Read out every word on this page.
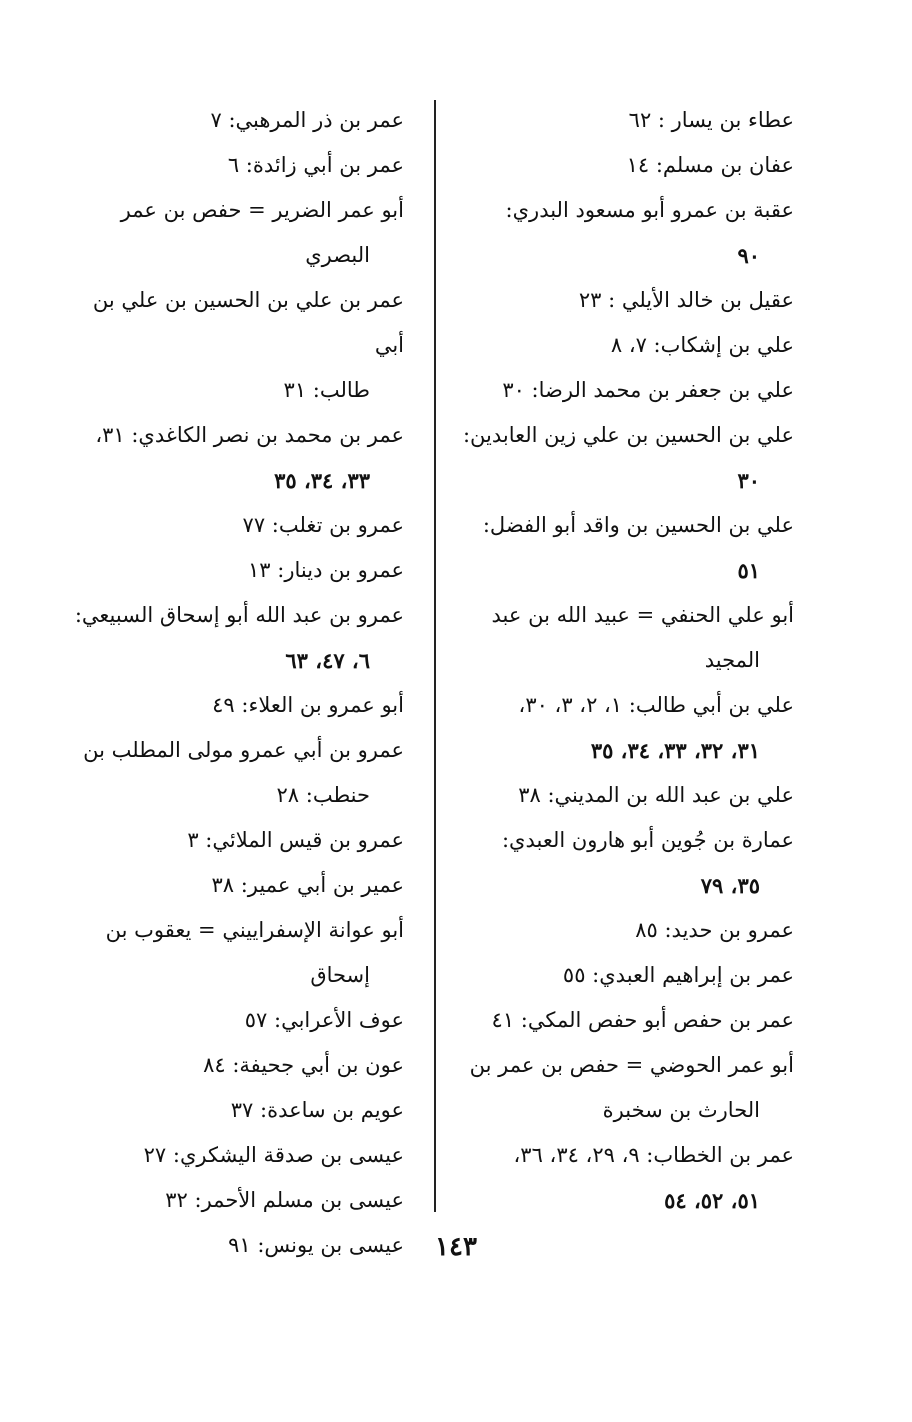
عطاء بن يسار : ٦٢

عفان بن مسلم: ١٤

عقبة بن عمرو أبو مسعود البدري:
٩٠

عقيل بن خالد الأيلي : ٢٣

علي بن إشكاب: ٧، ٨

علي بن جعفر بن محمد الرضا: ٣٠

علي بن الحسين بن علي زين العابدين:
٣٠

علي بن الحسين بن واقد أبو الفضل:
٥١

أبو علي الحنفي = عبيد الله بن عبد
المجيد

علي بن أبي طالب: ١، ٢، ٣، ٣٠،
٣١، ٣٢، ٣٣، ٣٤، ٣٥

علي بن عبد الله بن المديني: ٣٨

عمارة بن جُوين أبو هارون العبدي:
٣٥، ٧٩

عمرو بن حديد: ٨٥

عمر بن إبراهيم العبدي: ٥٥

عمر بن حفص أبو حفص المكي: ٤١

أبو عمر الحوضي = حفص بن عمر بن
الحارث بن سخبرة

عمر بن الخطاب: ٩، ٢٩، ٣٤، ٣٦،
٥١، ٥٢، ٥٤

عمر بن ذر المرهبي: ٧

عمر بن أبي زائدة: ٦

أبو عمر الضرير = حفص بن عمر
البصري

عمر بن علي بن الحسين بن علي بن أبي
طالب: ٣١

عمر بن محمد بن نصر الكاغدي: ٣١،
٣٣، ٣٤، ٣٥

عمرو بن تغلب: ٧٧

عمرو بن دينار: ١٣

عمرو بن عبد الله أبو إسحاق السبيعي:
٦، ٤٧، ٦٣

أبو عمرو بن العلاء: ٤٩

عمرو بن أبي عمرو مولى المطلب بن
حنطب: ٢٨

عمرو بن قيس الملائي: ٣

عمير بن أبي عمير: ٣٨

أبو عوانة الإسفراييني = يعقوب بن
إسحاق

عوف الأعرابي: ٥٧

عون بن أبي جحيفة: ٨٤

عويم بن ساعدة: ٣٧

عيسى بن صدقة اليشكري: ٢٧

عيسى بن مسلم الأحمر: ٣٢

عيسى بن يونس: ٩١	١٤٣
